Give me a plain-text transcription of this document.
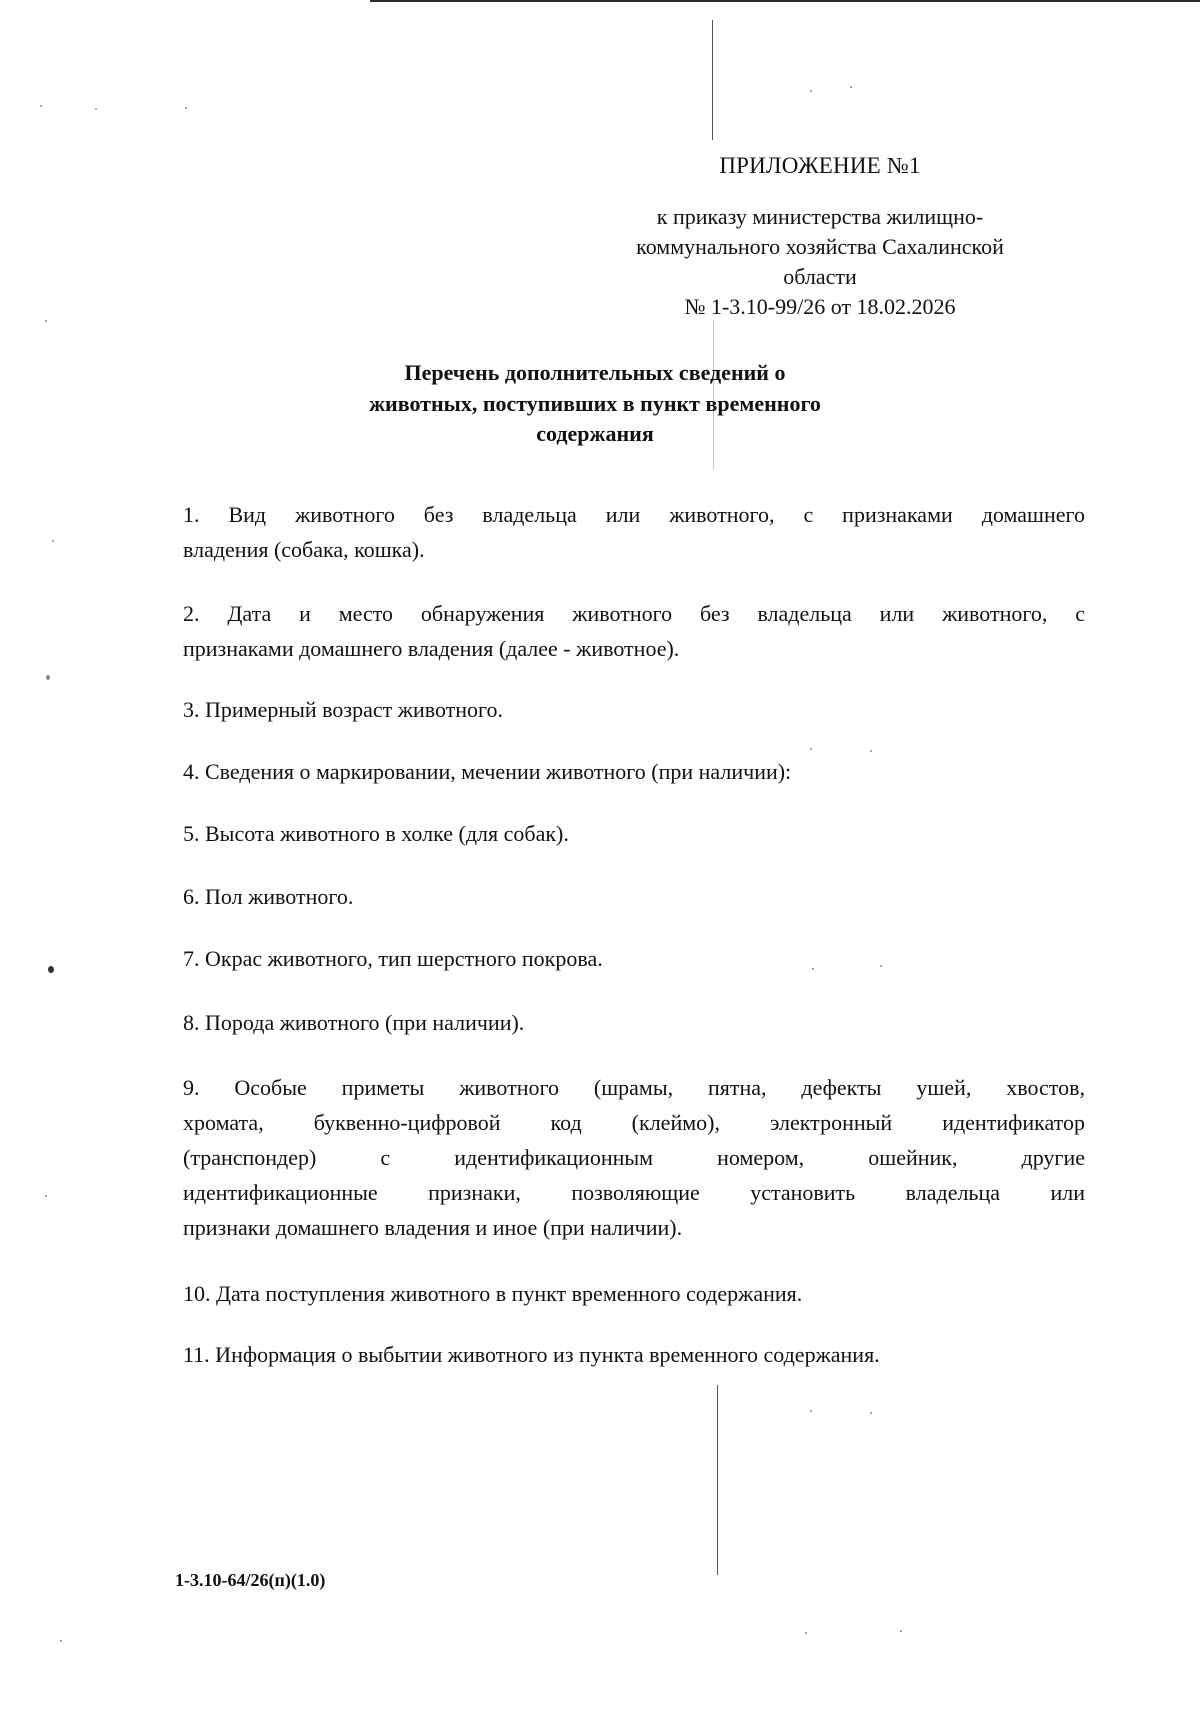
ПРИЛОЖЕНИЕ №1
к приказу министерства жилищно-
коммунального хозяйства Сахалинской
области
№ 1-3.10-99/26 от 18.02.2026
Перечень дополнительных сведений о
животных, поступивших в пункт временного
содержания
1. Вид животного без владельца или животного, с признаками домашнего
владения (собака, кошка).
2. Дата и место обнаружения животного без владельца или животного, с
признаками домашнего владения (далее - животное).
3. Примерный возраст животного.
4. Сведения о маркировании, мечении животного (при наличии):
5. Высота животного в холке (для собак).
6. Пол животного.
7. Окрас животного, тип шерстного покрова.
8. Порода животного (при наличии).
9. Особые приметы животного (шрамы, пятна, дефекты ушей, хвостов,
хромата, буквенно-цифровой код (клеймо), электронный идентификатор
(транспондер) с идентификационным номером, ошейник, другие
идентификационные признаки, позволяющие установить владельца или
признаки домашнего владения и иное (при наличии).
10. Дата поступления животного в пункт временного содержания.
11. Информация о выбытии животного из пункта временного содержания.
1-3.10-64/26(п)(1.0)
